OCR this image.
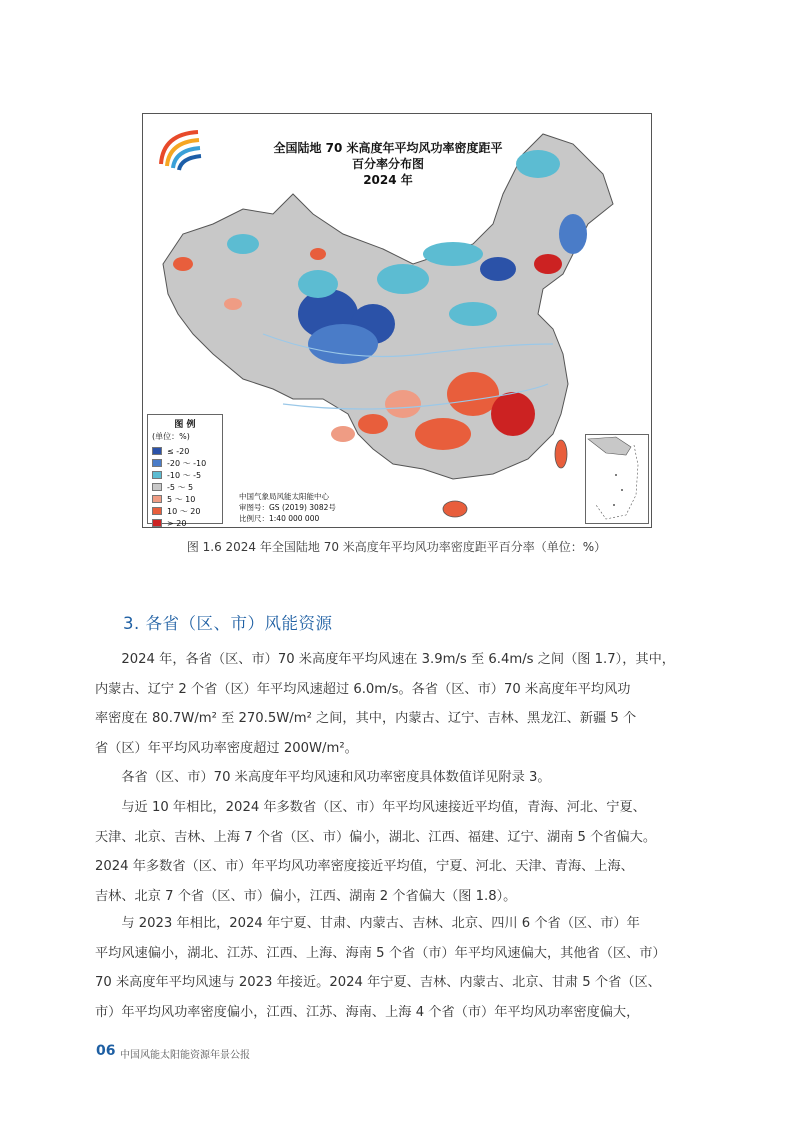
全国陆地 70 米高度年平均风功率密度距平
百分率分布图
2024 年
图 例
(单位：%)
≤ -20
-20 ～ -10
-10 ～ -5
-5 ～ 5
5 ～ 10
10 ～ 20
> 20
中国气象局风能太阳能中心
审图号：GS (2019) 3082号
比例尺：1:40 000 000
图 1.6 2024 年全国陆地 70 米高度年平均风功率密度距平百分率（单位：%）
3. 各省（区、市）风能资源
　　2024 年，各省（区、市）70 米高度年平均风速在 3.9m/s 至 6.4m/s 之间（图 1.7），其中，
内蒙古、辽宁 2 个省（区）年平均风速超过 6.0m/s。各省（区、市）70 米高度年平均风功
率密度在 80.7W/m² 至 270.5W/m² 之间，其中，内蒙古、辽宁、吉林、黑龙江、新疆 5 个
省（区）年平均风功率密度超过 200W/m²。
　　各省（区、市）70 米高度年平均风速和风功率密度具体数值详见附录 3。
　　与近 10 年相比，2024 年多数省（区、市）年平均风速接近平均值，青海、河北、宁夏、
天津、北京、吉林、上海 7 个省（区、市）偏小，湖北、江西、福建、辽宁、湖南 5 个省偏大。
2024 年多数省（区、市）年平均风功率密度接近平均值，宁夏、河北、天津、青海、上海、
吉林、北京 7 个省（区、市）偏小，江西、湖南 2 个省偏大（图 1.8）。
　　与 2023 年相比，2024 年宁夏、甘肃、内蒙古、吉林、北京、四川 6 个省（区、市）年
平均风速偏小，湖北、江苏、江西、上海、海南 5 个省（市）年平均风速偏大，其他省（区、市）
70 米高度年平均风速与 2023 年接近。2024 年宁夏、吉林、内蒙古、北京、甘肃 5 个省（区、
市）年平均风功率密度偏小，江西、江苏、海南、上海 4 个省（市）年平均风功率密度偏大，
06 中国风能太阳能资源年景公报
